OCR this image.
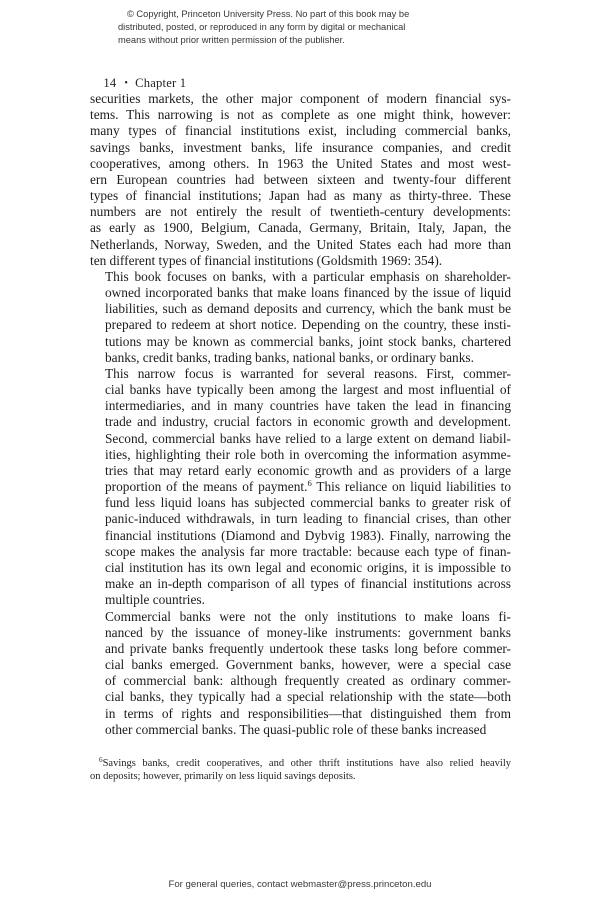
© Copyright, Princeton University Press. No part of this book may be
distributed, posted, or reproduced in any form by digital or mechanical
means without prior written permission of the publisher.

14 • Chapter 1

securities markets, the other major component of modern financial sys-
tems. This narrowing is not as complete as one might think, however:
many types of financial institutions exist, including commercial banks,
savings banks, investment banks, life insurance companies, and credit
cooperatives, among others. In 1963 the United States and most west-
ern European countries had between sixteen and twenty-four different
types of financial institutions; Japan had as many as thirty-three. These
numbers are not entirely the result of twentieth-century developments:
as early as 1900, Belgium, Canada, Germany, Britain, Italy, Japan, the
Netherlands, Norway, Sweden, and the United States each had more than
ten different types of financial institutions (Goldsmith 1969: 354).

This book focuses on banks, with a particular emphasis on shareholder-
owned incorporated banks that make loans financed by the issue of liquid
liabilities, such as demand deposits and currency, which the bank must be
prepared to redeem at short notice. Depending on the country, these insti-
tutions may be known as commercial banks, joint stock banks, chartered
banks, credit banks, trading banks, national banks, or ordinary banks.

This narrow focus is warranted for several reasons. First, commer-
cial banks have typically been among the largest and most influential of
intermediaries, and in many countries have taken the lead in financing
trade and industry, crucial factors in economic growth and development.
Second, commercial banks have relied to a large extent on demand liabil-
ities, highlighting their role both in overcoming the information asymme-
tries that may retard early economic growth and as providers of a large
proportion of the means of payment.$^6$ This reliance on liquid liabilities to
fund less liquid loans has subjected commercial banks to greater risk of
panic-induced withdrawals, in turn leading to financial crises, than other
financial institutions (Diamond and Dybvig 1983). Finally, narrowing the
scope makes the analysis far more tractable: because each type of finan-
cial institution has its own legal and economic origins, it is impossible to
make an in-depth comparison of all types of financial institutions across
multiple countries.

Commercial banks were not the only institutions to make loans fi-
nanced by the issuance of money-like instruments: government banks
and private banks frequently undertook these tasks long before commer-
cial banks emerged. Government banks, however, were a special case
of commercial bank: although frequently created as ordinary commer-
cial banks, they typically had a special relationship with the state—both
in terms of rights and responsibilities—that distinguished them from
other commercial banks. The quasi-public role of these banks increased

$^6$Savings banks, credit cooperatives, and other thrift institutions have also relied heavily
on deposits; however, primarily on less liquid savings deposits.
For general queries, contact webmaster@press.princeton.edu
